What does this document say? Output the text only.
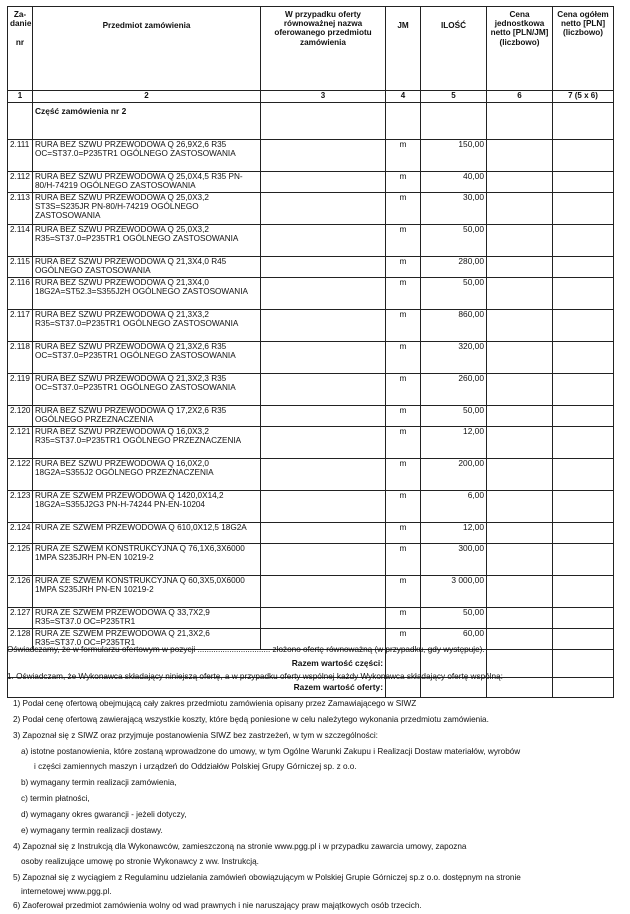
Za-
danie

nr	Przedmiot zamówienia	W przypadku oferty równoważnej nazwa oferowanego przedmiotu zamówienia	JM	ILOŚĆ	Cena jednostkowa netto [PLN/JM] (liczbowo)	Cena ogółem netto [PLN] (liczbowo)
1	2	3	4	5	6	7 (5 x 6)
	Część zamówienia nr 2					
2.111	RURA BEZ SZWU PRZEWODOWA Q 26,9X2,6 R35 OC=ST37.0=P235TR1 OGÓLNEGO ZASTOSOWANIA		m	150,00		
2.112	RURA BEZ SZWU PRZEWODOWA Q 25,0X4,5 R35 PN-80/H-74219 OGÓLNEGO ZASTOSOWANIA		m	40,00		
2.113	RURA BEZ SZWU PRZEWODOWA Q 25,0X3,2 ST3S=S235JR PN-80/H-74219 OGÓLNEGO ZASTOSOWANIA		m	30,00		
2.114	RURA BEZ SZWU PRZEWODOWA Q 25,0X3,2 R35=ST37.0=P235TR1 OGÓLNEGO ZASTOSOWANIA		m	50,00		
2.115	RURA BEZ SZWU PRZEWODOWA Q 21,3X4,0 R45 OGÓLNEGO ZASTOSOWANIA		m	280,00		
2.116	RURA BEZ SZWU PRZEWODOWA Q 21,3X4,0 18G2A=ST52.3=S355J2H OGÓLNEGO ZASTOSOWANIA		m	50,00		
2.117	RURA BEZ SZWU PRZEWODOWA Q 21,3X3,2 R35=ST37.0=P235TR1 OGÓLNEGO ZASTOSOWANIA		m	860,00		
2.118	RURA BEZ SZWU PRZEWODOWA Q 21,3X2,6 R35 OC=ST37.0=P235TR1 OGÓLNEGO ZASTOSOWANIA		m	320,00		
2.119	RURA BEZ SZWU PRZEWODOWA Q 21,3X2,3 R35 OC=ST37.0=P235TR1 OGÓLNEGO ZASTOSOWANIA		m	260,00		
2.120	RURA BEZ SZWU PRZEWODOWA Q 17,2X2,6 R35 OGÓLNEGO PRZEZNACZENIA		m	50,00		
2.121	RURA BEZ SZWU PRZEWODOWA Q 16,0X3,2 R35=ST37.0=P235TR1 OGÓLNEGO PRZEZNACZENIA		m	12,00		
2.122	RURA BEZ SZWU PRZEWODOWA Q 16,0X2,0 18G2A=S355J2 OGÓLNEGO PRZEZNACZENIA		m	200,00		
2.123	RURA ZE SZWEM PRZEWODOWA Q 1420,0X14,2 18G2A=S355J2G3 PN-H-74244 PN-EN-10204		m	6,00		
2.124	RURA ZE SZWEM PRZEWODOWA Q 610,0X12,5 18G2A		m	12,00		
2.125	RURA ZE SZWEM KONSTRUKCYJNA Q 76,1X6,3X6000 1MPA S235JRH PN-EN 10219-2		m	300,00		
2.126	RURA ZE SZWEM KONSTRUKCYJNA Q 60,3X5,0X6000 1MPA S235JRH PN-EN 10219-2		m	3 000,00		
2.127	RURA ZE SZWEM PRZEWODOWA Q 33,7X2,9 R35=ST37.0 OC=P235TR1		m	50,00		
2.128	RURA ZE SZWEM PRZEWODOWA Q 21,3X2,6 R35=ST37.0 OC=P235TR1		m	60,00		
Razem wartość części:						
Razem wartość oferty:						
Oświadczamy, że w formularzu ofertowym w pozycji ................................ złożono ofertę równoważną (w przypadku, gdy występuje).
1. Oświadczam, że Wykonawca składający niniejszą ofertę, a w przypadku oferty wspólnej każdy Wykonawca składający ofertę wspólną:
1) Podał cenę ofertową obejmującą cały zakres przedmiotu zamówienia opisany przez Zamawiającego w SIWZ
2) Podał cenę ofertową zawierającą wszystkie koszty, które będą poniesione w celu należytego wykonania przedmiotu zamówienia.
3) Zapoznał się z SIWZ oraz przyjmuje postanowienia SIWZ bez zastrzeżeń, w tym w szczególności:
a) istotne postanowienia, które zostaną wprowadzone do umowy, w tym Ogólne Warunki Zakupu i Realizacji Dostaw materiałów, wyrobów
i części zamiennych maszyn i urządzeń do Oddziałów Polskiej Grupy Górniczej sp. z o.o.
b) wymagany termin realizacji zamówienia,
c) termin płatności,
d) wymagany okres gwarancji - jeżeli dotyczy,
e) wymagany termin realizacji dostawy.
4) Zapoznał się z Instrukcją dla Wykonawców, zamieszczoną na stronie www.pgg.pl i w przypadku zawarcia umowy, zapozna
osoby realizujące umowę po stronie Wykonawcy z ww. Instrukcją.
5) Zapoznał się z wyciągiem z Regulaminu udzielania zamówień obowiązującym w Polskiej Grupie Górniczej sp.z o.o. dostępnym na stronie
internetowej www.pgg.pl.
6) Zaoferował przedmiot zamówienia wolny od wad prawnych i nie naruszający praw majątkowych osób trzecich.
